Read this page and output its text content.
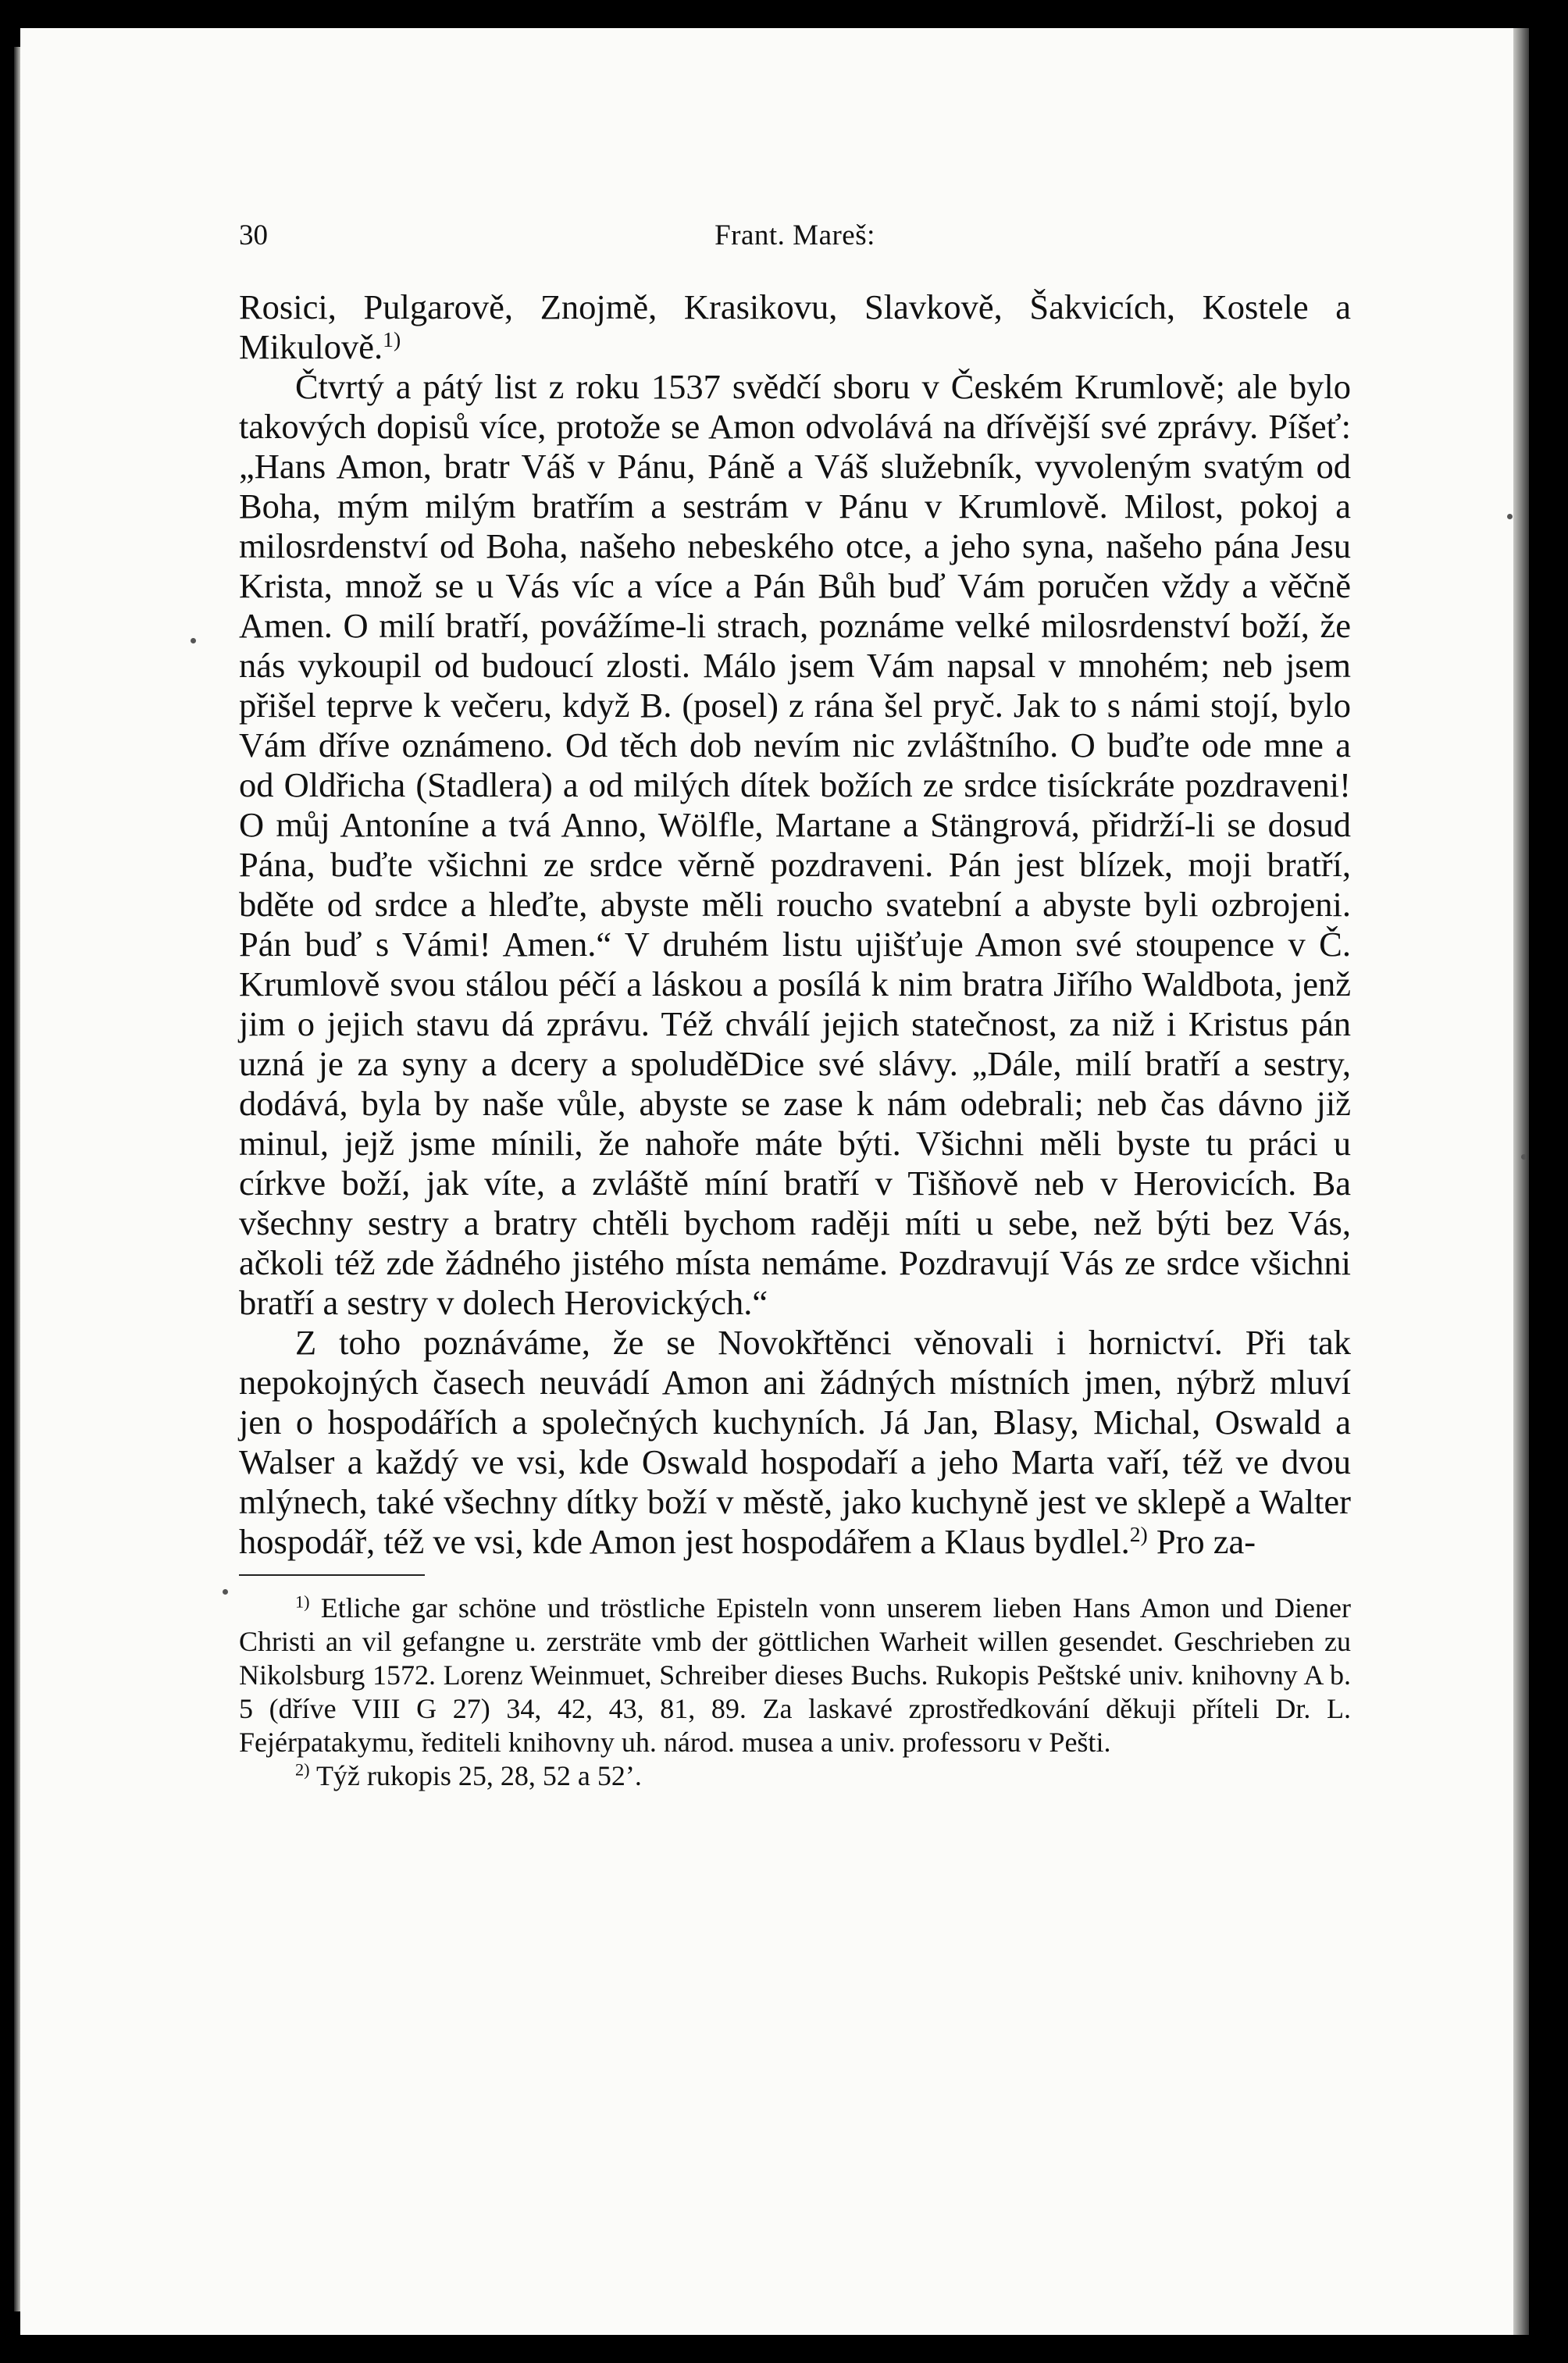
30	Frant. Mareš:

Rosici, Pulgarově, Znojmě, Krasikovu, Slavkově, Šakvicích, Kostele a Mikulově.$^{1)}$

Čtvrtý a pátý list z roku 1537 svědčí sboru v Českém Krumlově; ale bylo takových dopisů více, protože se Amon odvolává na dřívější své zprávy. Píšeť: „Hans Amon, bratr Váš v Pánu, Páně a Váš služebník, vyvoleným svatým od Boha, mým milým bratřím a sestrám v Pánu v Krumlově. Milost, pokoj a milosrdenství od Boha, našeho nebeského otce, a jeho syna, našeho pána Jesu Krista, množ se u Vás víc a více a Pán Bůh buď Vám poručen vždy a věčně Amen. O milí bratří, povážíme-li strach, poznáme velké milosrdenství boží, že nás vykoupil od budoucí zlosti. Málo jsem Vám napsal v mnohém; neb jsem přišel teprve k večeru, když B. (posel) z rána šel pryč. Jak to s námi stojí, bylo Vám dříve oznámeno. Od těch dob nevím nic zvláštního. O buďte ode mne a od Oldřicha (Stadlera) a od milých dítek božích ze srdce tisíckráte pozdraveni! O můj Antoníne a tvá Anno, Wölfle, Martane a Stängrová, přidrží-li se dosud Pána, buďte všichni ze srdce věrně pozdraveni. Pán jest blízek, moji bratří, bděte od srdce a hleďte, abyste měli roucho svatební a abyste byli ozbrojeni. Pán buď s Vámi! Amen.“ V druhém listu ujišťuje Amon své stoupence v Č. Krumlově svou stálou péčí a láskou a posílá k nim bratra Jiřího Waldbota, jenž jim o jejich stavu dá zprávu. Též chválí jejich statečnost, za niž i Kristus pán uzná je za syny a dcery a spoluděDice své slávy. „Dále, milí bratří a sestry, dodává, byla by naše vůle, abyste se zase k nám odebrali; neb čas dávno již minul, jejž jsme mínili, že nahoře máte býti. Všichni měli byste tu práci u církve boží, jak víte, a zvláště míní bratří v Tišňově neb v Herovicích. Ba všechny sestry a bratry chtěli bychom raději míti u sebe, než býti bez Vás, ačkoli též zde žádného jistého místa nemáme. Pozdravují Vás ze srdce všichni bratří a sestry v dolech Herovických.“

Z toho poznáváme, že se Novokřtěnci věnovali i hornictví. Při tak nepokojných časech neuvádí Amon ani žádných místních jmen, nýbrž mluví jen o hospodářích a společných kuchyních. Já Jan, Blasy, Michal, Oswald a Walser a každý ve vsi, kde Oswald hospodaří a jeho Marta vaří, též ve dvou mlýnech, také všechny dítky boží v městě, jako kuchyně jest ve sklepě a Walter hospodář, též ve vsi, kde Amon jest hospodářem a Klaus bydlel.$^{2)}$ Pro za-

$^{1)}$ Etliche gar schöne und tröstliche Episteln vonn unserem lieben Hans Amon und Diener Christi an vil gefangne u. zersträte vmb der göttlichen Warheit willen gesendet. Geschrieben zu Nikolsburg 1572. Lorenz Weinmuet, Schreiber dieses Buchs. Rukopis Peštské univ. knihovny A b. 5 (dříve VIII G 27) 34, 42, 43, 81, 89. Za laskavé zprostředkování děkuji příteli Dr. L. Fejérpatakymu, řediteli knihovny uh. národ. musea a univ. professoru v Pešti.

$^{2)}$ Týž rukopis 25, 28, 52 a 52’.
